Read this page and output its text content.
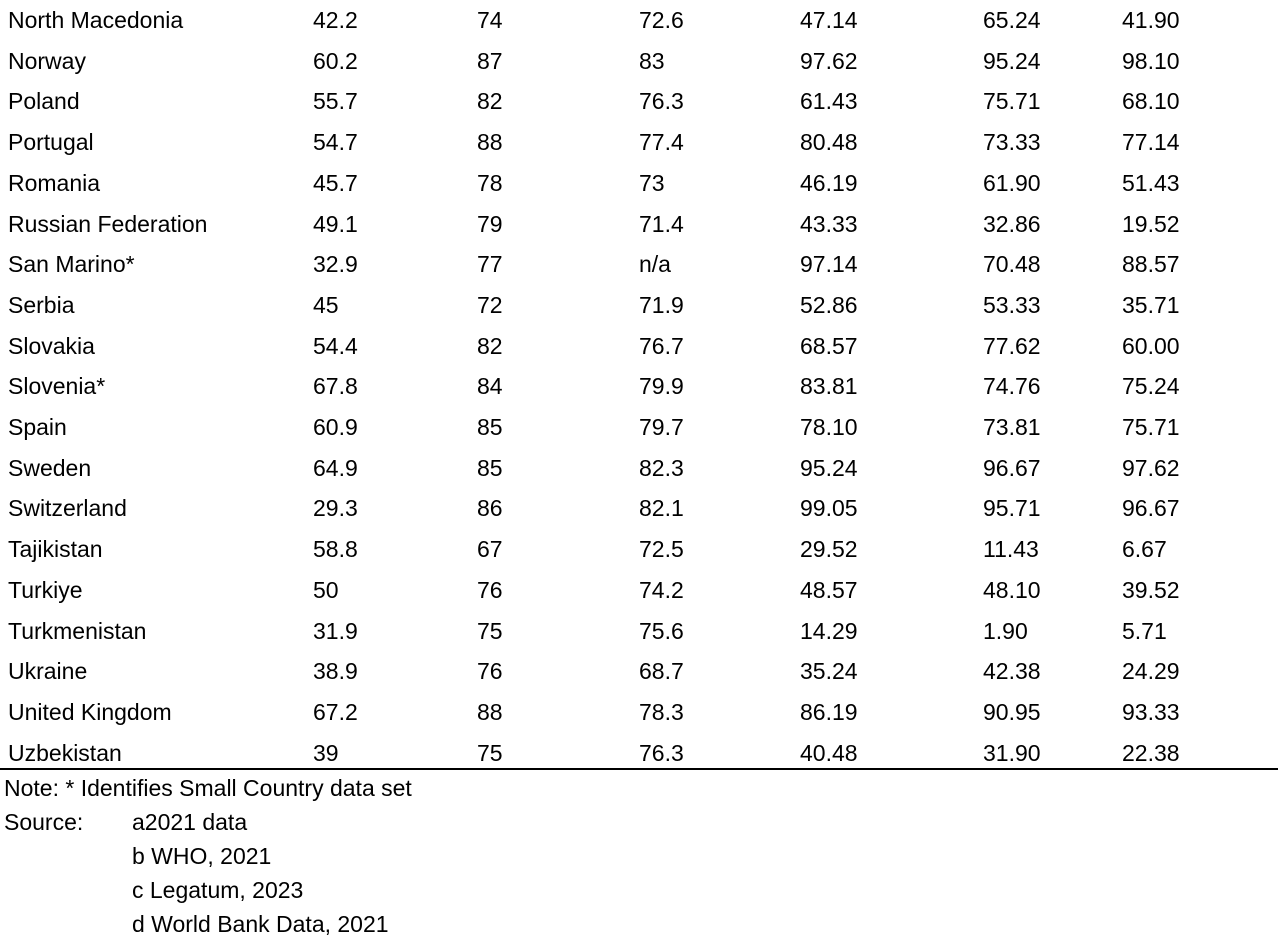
North Macedonia	42.2	74	72.6	47.14	65.24	41.90
Norway	60.2	87	83	97.62	95.24	98.10
Poland	55.7	82	76.3	61.43	75.71	68.10
Portugal	54.7	88	77.4	80.48	73.33	77.14
Romania	45.7	78	73	46.19	61.90	51.43
Russian Federation	49.1	79	71.4	43.33	32.86	19.52
San Marino*	32.9	77	n/a	97.14	70.48	88.57
Serbia	45	72	71.9	52.86	53.33	35.71
Slovakia	54.4	82	76.7	68.57	77.62	60.00
Slovenia*	67.8	84	79.9	83.81	74.76	75.24
Spain	60.9	85	79.7	78.10	73.81	75.71
Sweden	64.9	85	82.3	95.24	96.67	97.62
Switzerland	29.3	86	82.1	99.05	95.71	96.67
Tajikistan	58.8	67	72.5	29.52	11.43	6.67
Turkiye	50	76	74.2	48.57	48.10	39.52
Turkmenistan	31.9	75	75.6	14.29	1.90	5.71
Ukraine	38.9	76	68.7	35.24	42.38	24.29
United Kingdom	67.2	88	78.3	86.19	90.95	93.33
Uzbekistan	39	75	76.3	40.48	31.90	22.38
Note: * Identifies Small Country data set
Source:	a2021 data
b WHO, 2021
c Legatum, 2023
d World Bank Data, 2021
